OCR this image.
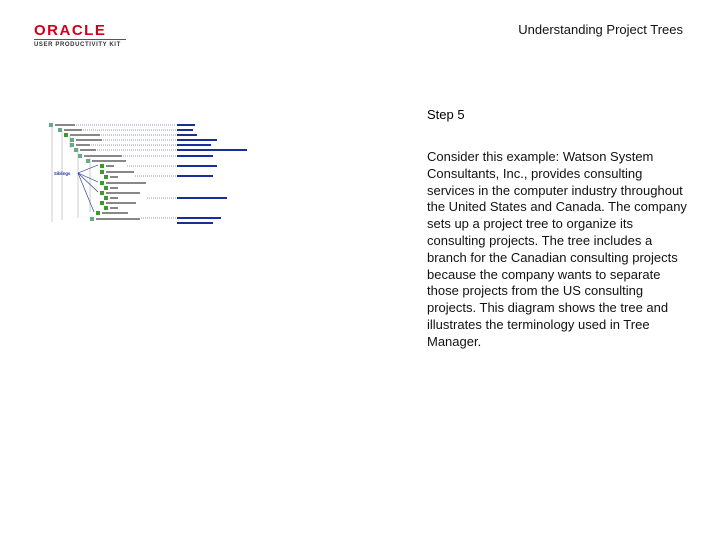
ORACLE
USER PRODUCTIVITY KIT
Understanding Project Trees
Step 5
Consider this example: Watson System Consultants, Inc., provides consulting services in the computer industry throughout the United States and Canada. The company sets up a project tree to organize its consulting projects. The tree includes a branch for the Canadian consulting projects because the company wants to separate those projects from the US consulting projects. This diagram shows the tree and illustrates the terminology used in Tree Manager.
Siblings
